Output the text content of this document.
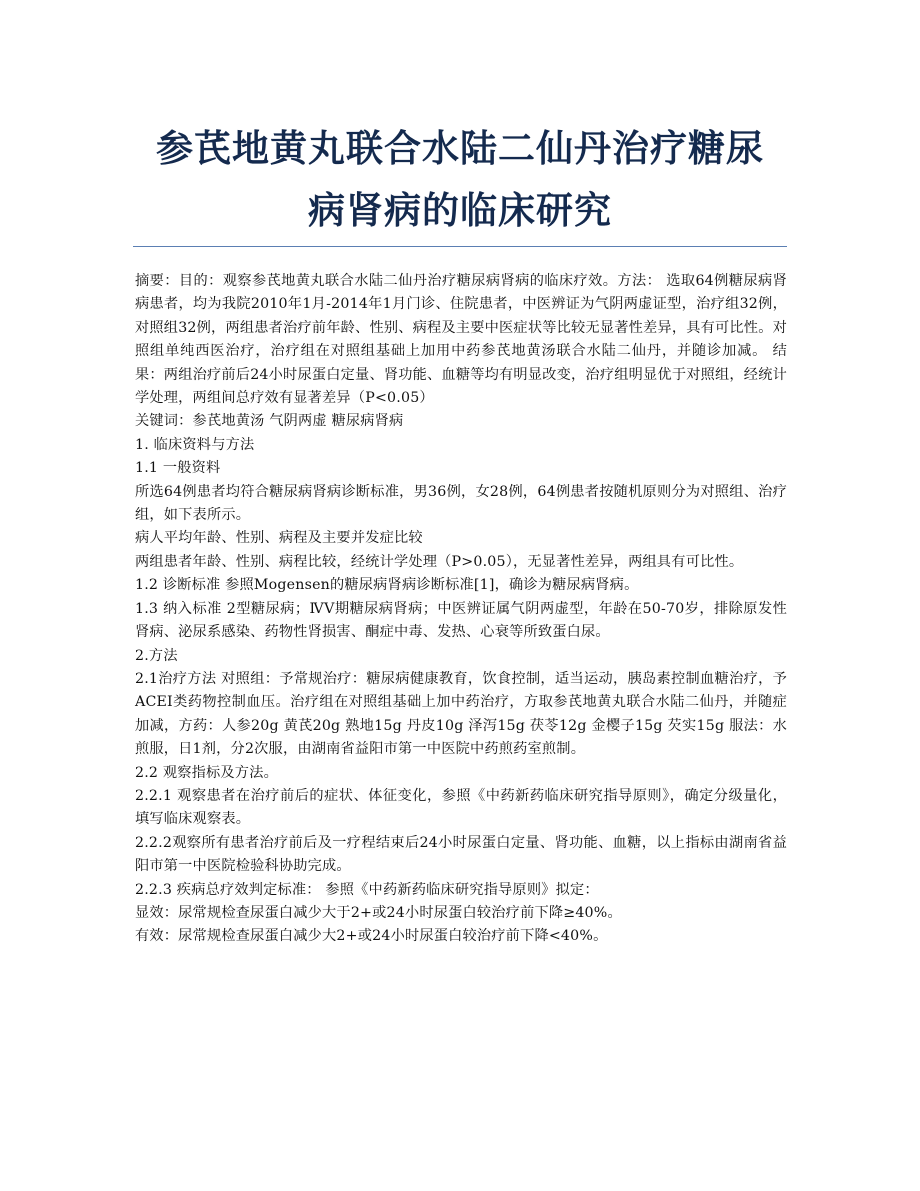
参芪地黄丸联合水陆二仙丹治疗糖尿
病肾病的临床研究

摘要：目的：观察参芪地黄丸联合水陆二仙丹治疗糖尿病肾病的临床疗效。方法： 选取64例糖尿病肾病患者，均为我院2010年1月-2014年1月门诊、住院患者，中医辨证为气阴两虚证型，治疗组32例，对照组32例，两组患者治疗前年龄、性别、病程及主要中医症状等比较无显著性差异，具有可比性。对照组单纯西医治疗，治疗组在对照组基础上加用中药参芪地黄汤联合水陆二仙丹，并随诊加减。 结果：两组治疗前后24小时尿蛋白定量、肾功能、血糖等均有明显改变，治疗组明显优于对照组，经统计学处理，两组间总疗效有显著差异（P<0.05）

关键词：参芪地黄汤 气阴两虚 糖尿病肾病

1. 临床资料与方法

1.1 一般资料

所选64例患者均符合糖尿病肾病诊断标准，男36例，女28例，64例患者按随机原则分为对照组、治疗组，如下表所示。

病人平均年龄、性别、病程及主要并发症比较

两组患者年龄、性别、病程比较，经统计学处理（P>0.05），无显著性差异，两组具有可比性。

1.2 诊断标准 参照Mogensen的糖尿病肾病诊断标准[1]，确诊为糖尿病肾病。

1.3 纳入标准 2型糖尿病；ⅣⅤ期糖尿病肾病；中医辨证属气阴两虚型，年龄在50-70岁，排除原发性肾病、泌尿系感染、药物性肾损害、酮症中毒、发热、心衰等所致蛋白尿。

2.方法

2.1治疗方法 对照组：予常规治疗：糖尿病健康教育，饮食控制，适当运动，胰岛素控制血糖治疗，予ACEI类药物控制血压。治疗组在对照组基础上加中药治疗，方取参芪地黄丸联合水陆二仙丹，并随症加减，方药：人参20g 黄芪20g 熟地15g 丹皮10g 泽泻15g 茯苓12g 金樱子15g 芡实15g 服法：水煎服，日1剂，分2次服，由湖南省益阳市第一中医院中药煎药室煎制。

2.2 观察指标及方法。

2.2.1 观察患者在治疗前后的症状、体征变化，参照《中药新药临床研究指导原则》，确定分级量化，填写临床观察表。

2.2.2观察所有患者治疗前后及一疗程结束后24小时尿蛋白定量、肾功能、血糖，以上指标由湖南省益阳市第一中医院检验科协助完成。

2.2.3 疾病总疗效判定标准： 参照《中药新药临床研究指导原则》拟定：

显效：尿常规检查尿蛋白减少大于2+或24小时尿蛋白较治疗前下降≥40%。

有效：尿常规检查尿蛋白减少大2+或24小时尿蛋白较治疗前下降<40%。
